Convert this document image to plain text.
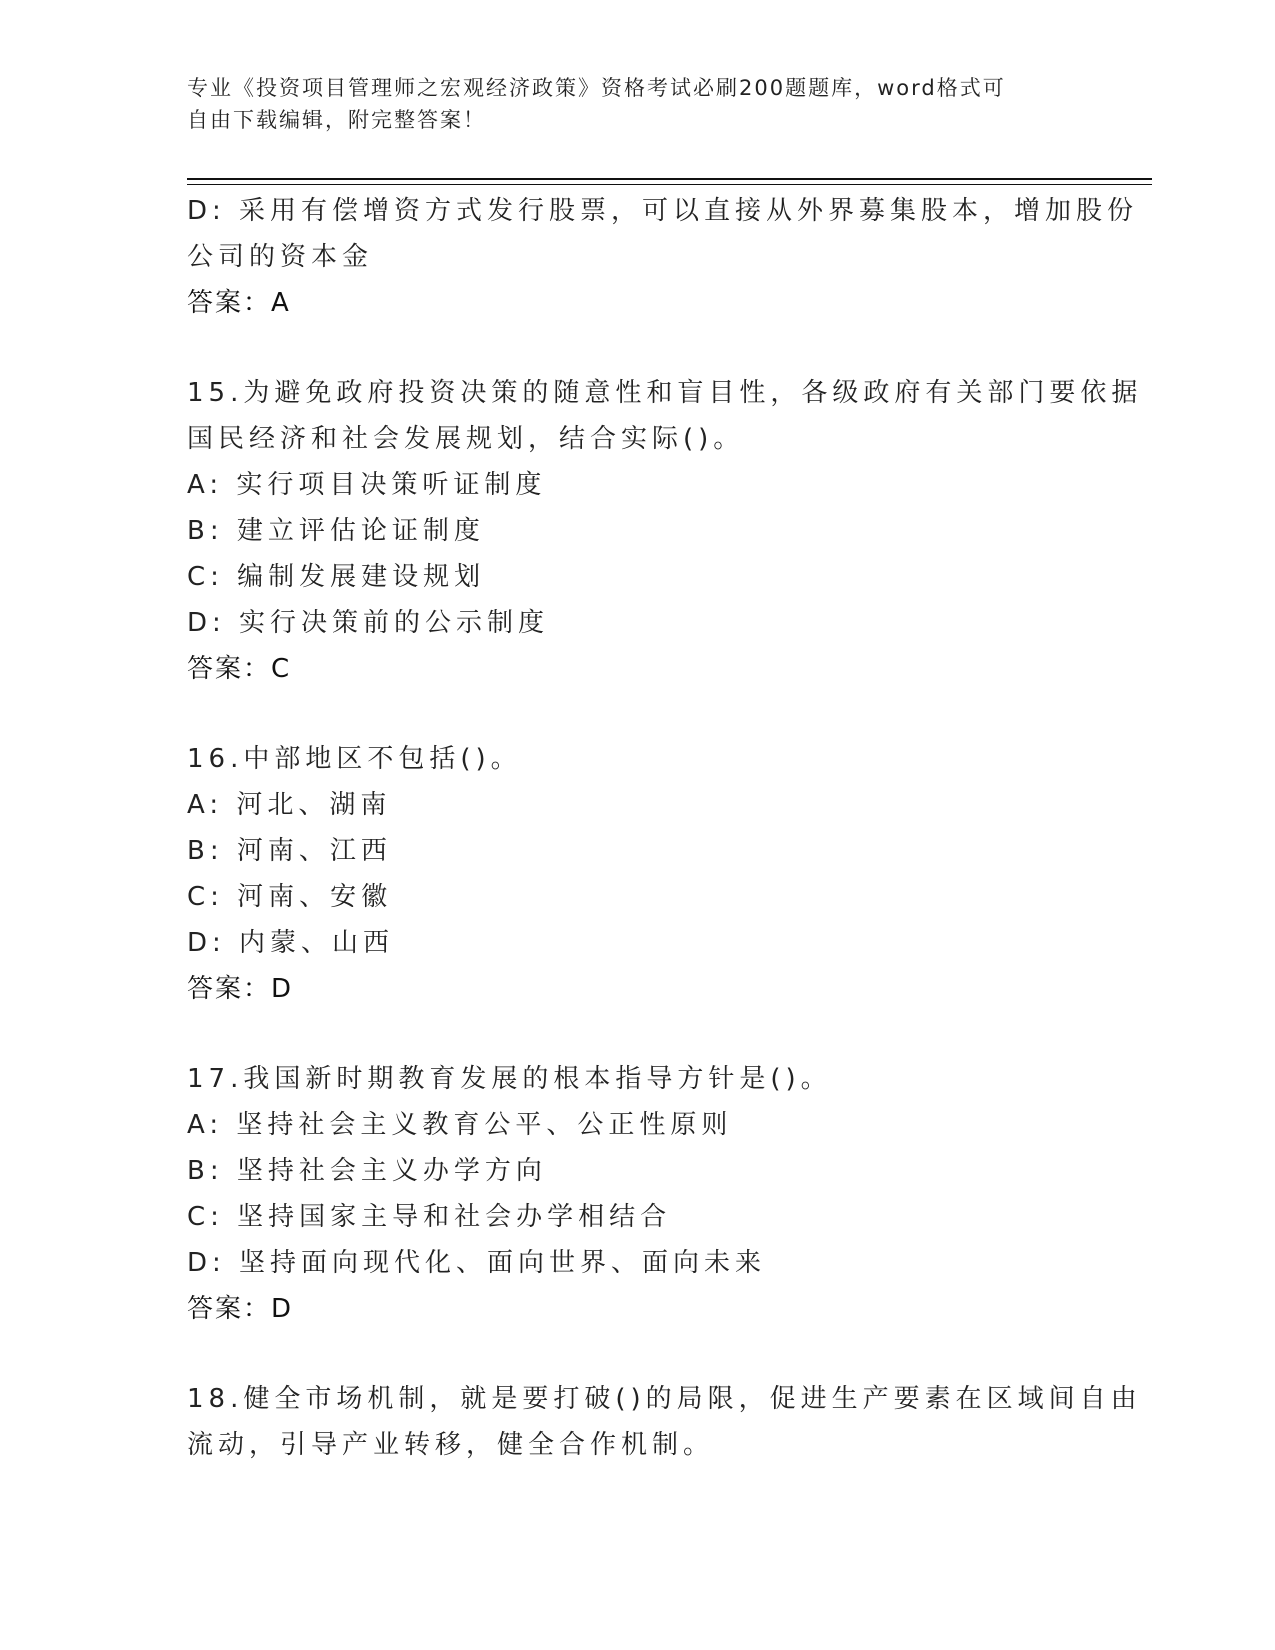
专业《投资项目管理师之宏观经济政策》资格考试必刷200题题库，word格式可
自由下载编辑，附完整答案！
D: 采用有偿增资方式发行股票，可以直接从外界募集股本，增加股份
公司的资本金
答案：A
15.为避免政府投资决策的随意性和盲目性，各级政府有关部门要依据
国民经济和社会发展规划，结合实际()。
A: 实行项目决策听证制度
B: 建立评估论证制度
C: 编制发展建设规划
D: 实行决策前的公示制度
答案：C
16.中部地区不包括()。
A: 河北、湖南
B: 河南、江西
C: 河南、安徽
D: 内蒙、山西
答案：D
17.我国新时期教育发展的根本指导方针是()。
A: 坚持社会主义教育公平、公正性原则
B: 坚持社会主义办学方向
C: 坚持国家主导和社会办学相结合
D: 坚持面向现代化、面向世界、面向未来
答案：D
18.健全市场机制，就是要打破()的局限，促进生产要素在区域间自由
流动，引导产业转移，健全合作机制。
